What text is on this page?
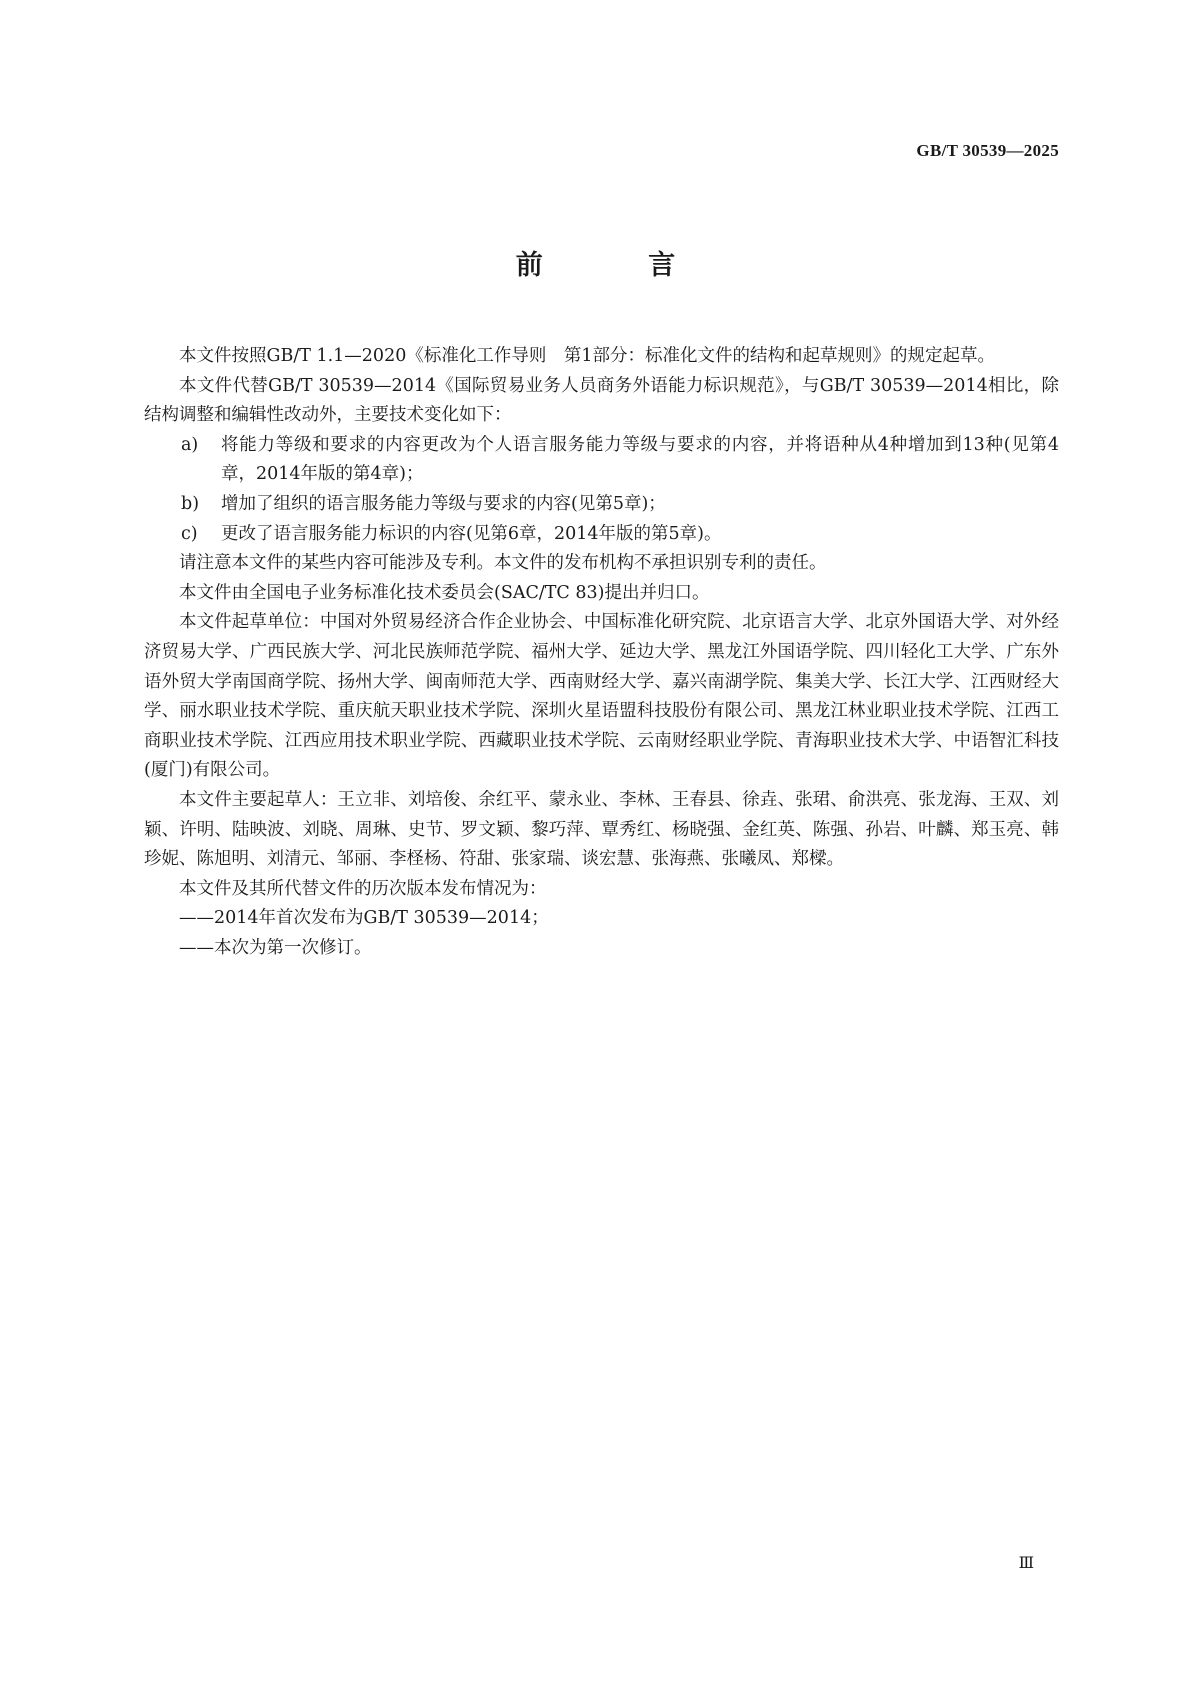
GB/T 30539—2025
前 言

本文件按照GB/T 1.1—2020《标准化工作导则　第1部分：标准化文件的结构和起草规则》的规定起草。

本文件代替GB/T 30539—2014《国际贸易业务人员商务外语能力标识规范》，与GB/T 30539—2014相比，除结构调整和编辑性改动外，主要技术变化如下：

a)	将能力等级和要求的内容更改为个人语言服务能力等级与要求的内容，并将语种从4种增加到13种(见第4章，2014年版的第4章)；
b)	增加了组织的语言服务能力等级与要求的内容(见第5章)；
c)	更改了语言服务能力标识的内容(见第6章，2014年版的第5章)。

请注意本文件的某些内容可能涉及专利。本文件的发布机构不承担识别专利的责任。

本文件由全国电子业务标准化技术委员会(SAC/TC 83)提出并归口。

本文件起草单位：中国对外贸易经济合作企业协会、中国标准化研究院、北京语言大学、北京外国语大学、对外经济贸易大学、广西民族大学、河北民族师范学院、福州大学、延边大学、黑龙江外国语学院、四川轻化工大学、广东外语外贸大学南国商学院、扬州大学、闽南师范大学、西南财经大学、嘉兴南湖学院、集美大学、长江大学、江西财经大学、丽水职业技术学院、重庆航天职业技术学院、深圳火星语盟科技股份有限公司、黑龙江林业职业技术学院、江西工商职业技术学院、江西应用技术职业学院、西藏职业技术学院、云南财经职业学院、青海职业技术大学、中语智汇科技(厦门)有限公司。

本文件主要起草人：王立非、刘培俊、余红平、蒙永业、李林、王春县、徐垚、张珺、俞洪亮、张龙海、王双、刘颖、许明、陆映波、刘晓、周琳、史节、罗文颖、黎巧萍、覃秀红、杨晓强、金红英、陈强、孙岩、叶麟、郑玉亮、韩珍妮、陈旭明、刘清元、邹丽、李柽杨、符甜、张家瑞、谈宏慧、张海燕、张曦凤、郑樑。

本文件及其所代替文件的历次版本发布情况为：

——2014年首次发布为GB/T 30539—2014；

——本次为第一次修订。

Ⅲ
